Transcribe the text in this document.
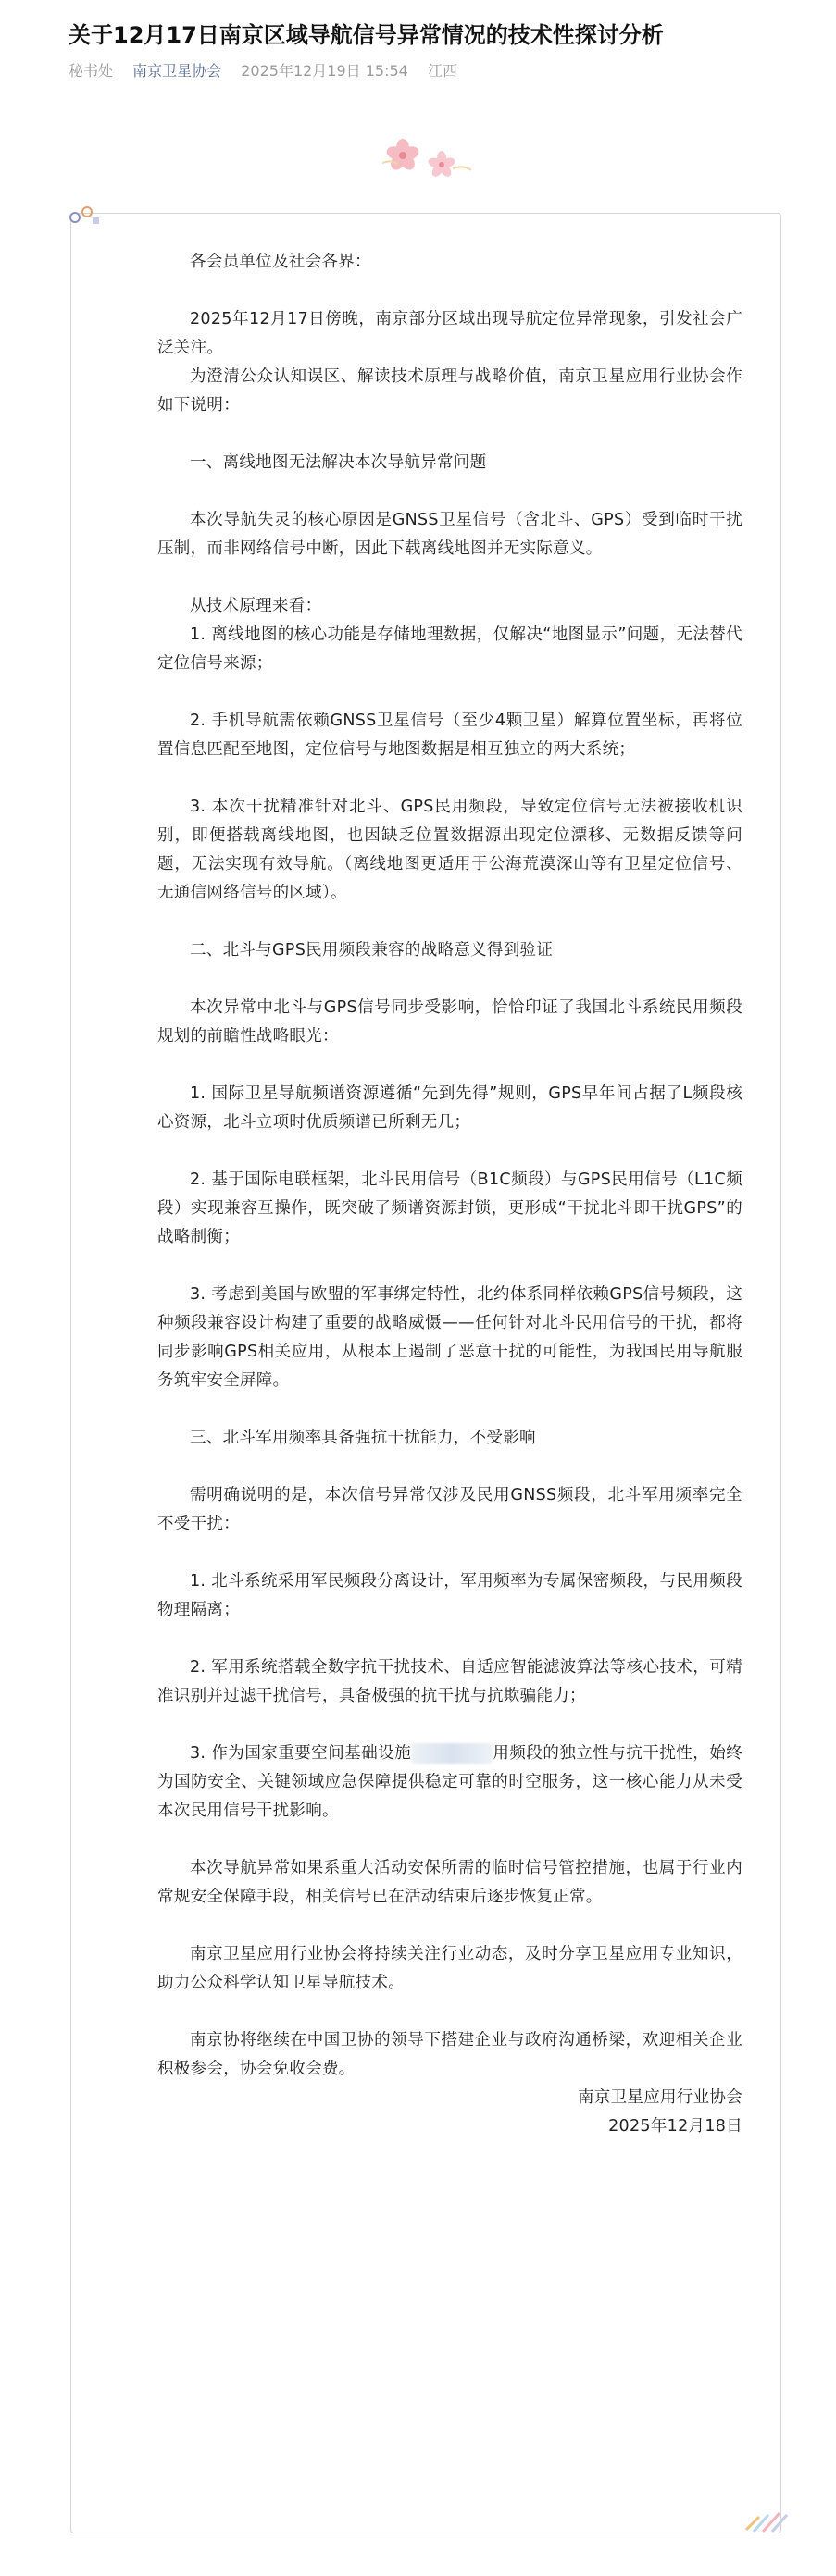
关于12月17日南京区域导航信号异常情况的技术性探讨分析
秘书处 南京卫星协会 2025年12月19日 15:54 江西

各会员单位及社会各界：

2025年12月17日傍晚，南京部分区域出现导航定位异常现象，引发社会广泛关注。

为澄清公众认知误区、解读技术原理与战略价值，南京卫星应用行业协会作如下说明：

一、离线地图无法解决本次导航异常问题

本次导航失灵的核心原因是GNSS卫星信号（含北斗、GPS）受到临时干扰压制，而非网络信号中断，因此下载离线地图并无实际意义。

从技术原理来看：

1. 离线地图的核心功能是存储地理数据，仅解决“地图显示”问题，无法替代定位信号来源；

2. 手机导航需依赖GNSS卫星信号（至少4颗卫星）解算位置坐标，再将位置信息匹配至地图，定位信号与地图数据是相互独立的两大系统；

3. 本次干扰精准针对北斗、GPS民用频段，导致定位信号无法被接收机识别，即便搭载离线地图，也因缺乏位置数据源出现定位漂移、无数据反馈等问题，无法实现有效导航。（离线地图更适用于公海荒漠深山等有卫星定位信号、无通信网络信号的区域）。

二、北斗与GPS民用频段兼容的战略意义得到验证

本次异常中北斗与GPS信号同步受影响，恰恰印证了我国北斗系统民用频段规划的前瞻性战略眼光：

1. 国际卫星导航频谱资源遵循“先到先得”规则，GPS早年间占据了L频段核心资源，北斗立项时优质频谱已所剩无几；

2. 基于国际电联框架，北斗民用信号（B1C频段）与GPS民用信号（L1C频段）实现兼容互操作，既突破了频谱资源封锁，更形成“干扰北斗即干扰GPS”的战略制衡；

3. 考虑到美国与欧盟的军事绑定特性，北约体系同样依赖GPS信号频段，这种频段兼容设计构建了重要的战略威慑——任何针对北斗民用信号的干扰，都将同步影响GPS相关应用，从根本上遏制了恶意干扰的可能性，为我国民用导航服务筑牢安全屏障。

三、北斗军用频率具备强抗干扰能力，不受影响

需明确说明的是，本次信号异常仅涉及民用GNSS频段，北斗军用频率完全不受干扰：

1. 北斗系统采用军民频段分离设计，军用频率为专属保密频段，与民用频段物理隔离；

2. 军用系统搭载全数字抗干扰技术、自适应智能滤波算法等核心技术，可精准识别并过滤干扰信号，具备极强的抗干扰与抗欺骗能力；

3. 作为国家重要空间基础设施	用频段的独立性与抗干扰性，始终为国防安全、关键领域应急保障提供稳定可靠的时空服务，这一核心能力从未受本次民用信号干扰影响。

本次导航异常如果系重大活动安保所需的临时信号管控措施，也属于行业内常规安全保障手段，相关信号已在活动结束后逐步恢复正常。

南京卫星应用行业协会将持续关注行业动态，及时分享卫星应用专业知识，助力公众科学认知卫星导航技术。

南京协将继续在中国卫协的领导下搭建企业与政府沟通桥梁，欢迎相关企业积极参会，协会免收会费。

南京卫星应用行业协会

2025年12月18日
